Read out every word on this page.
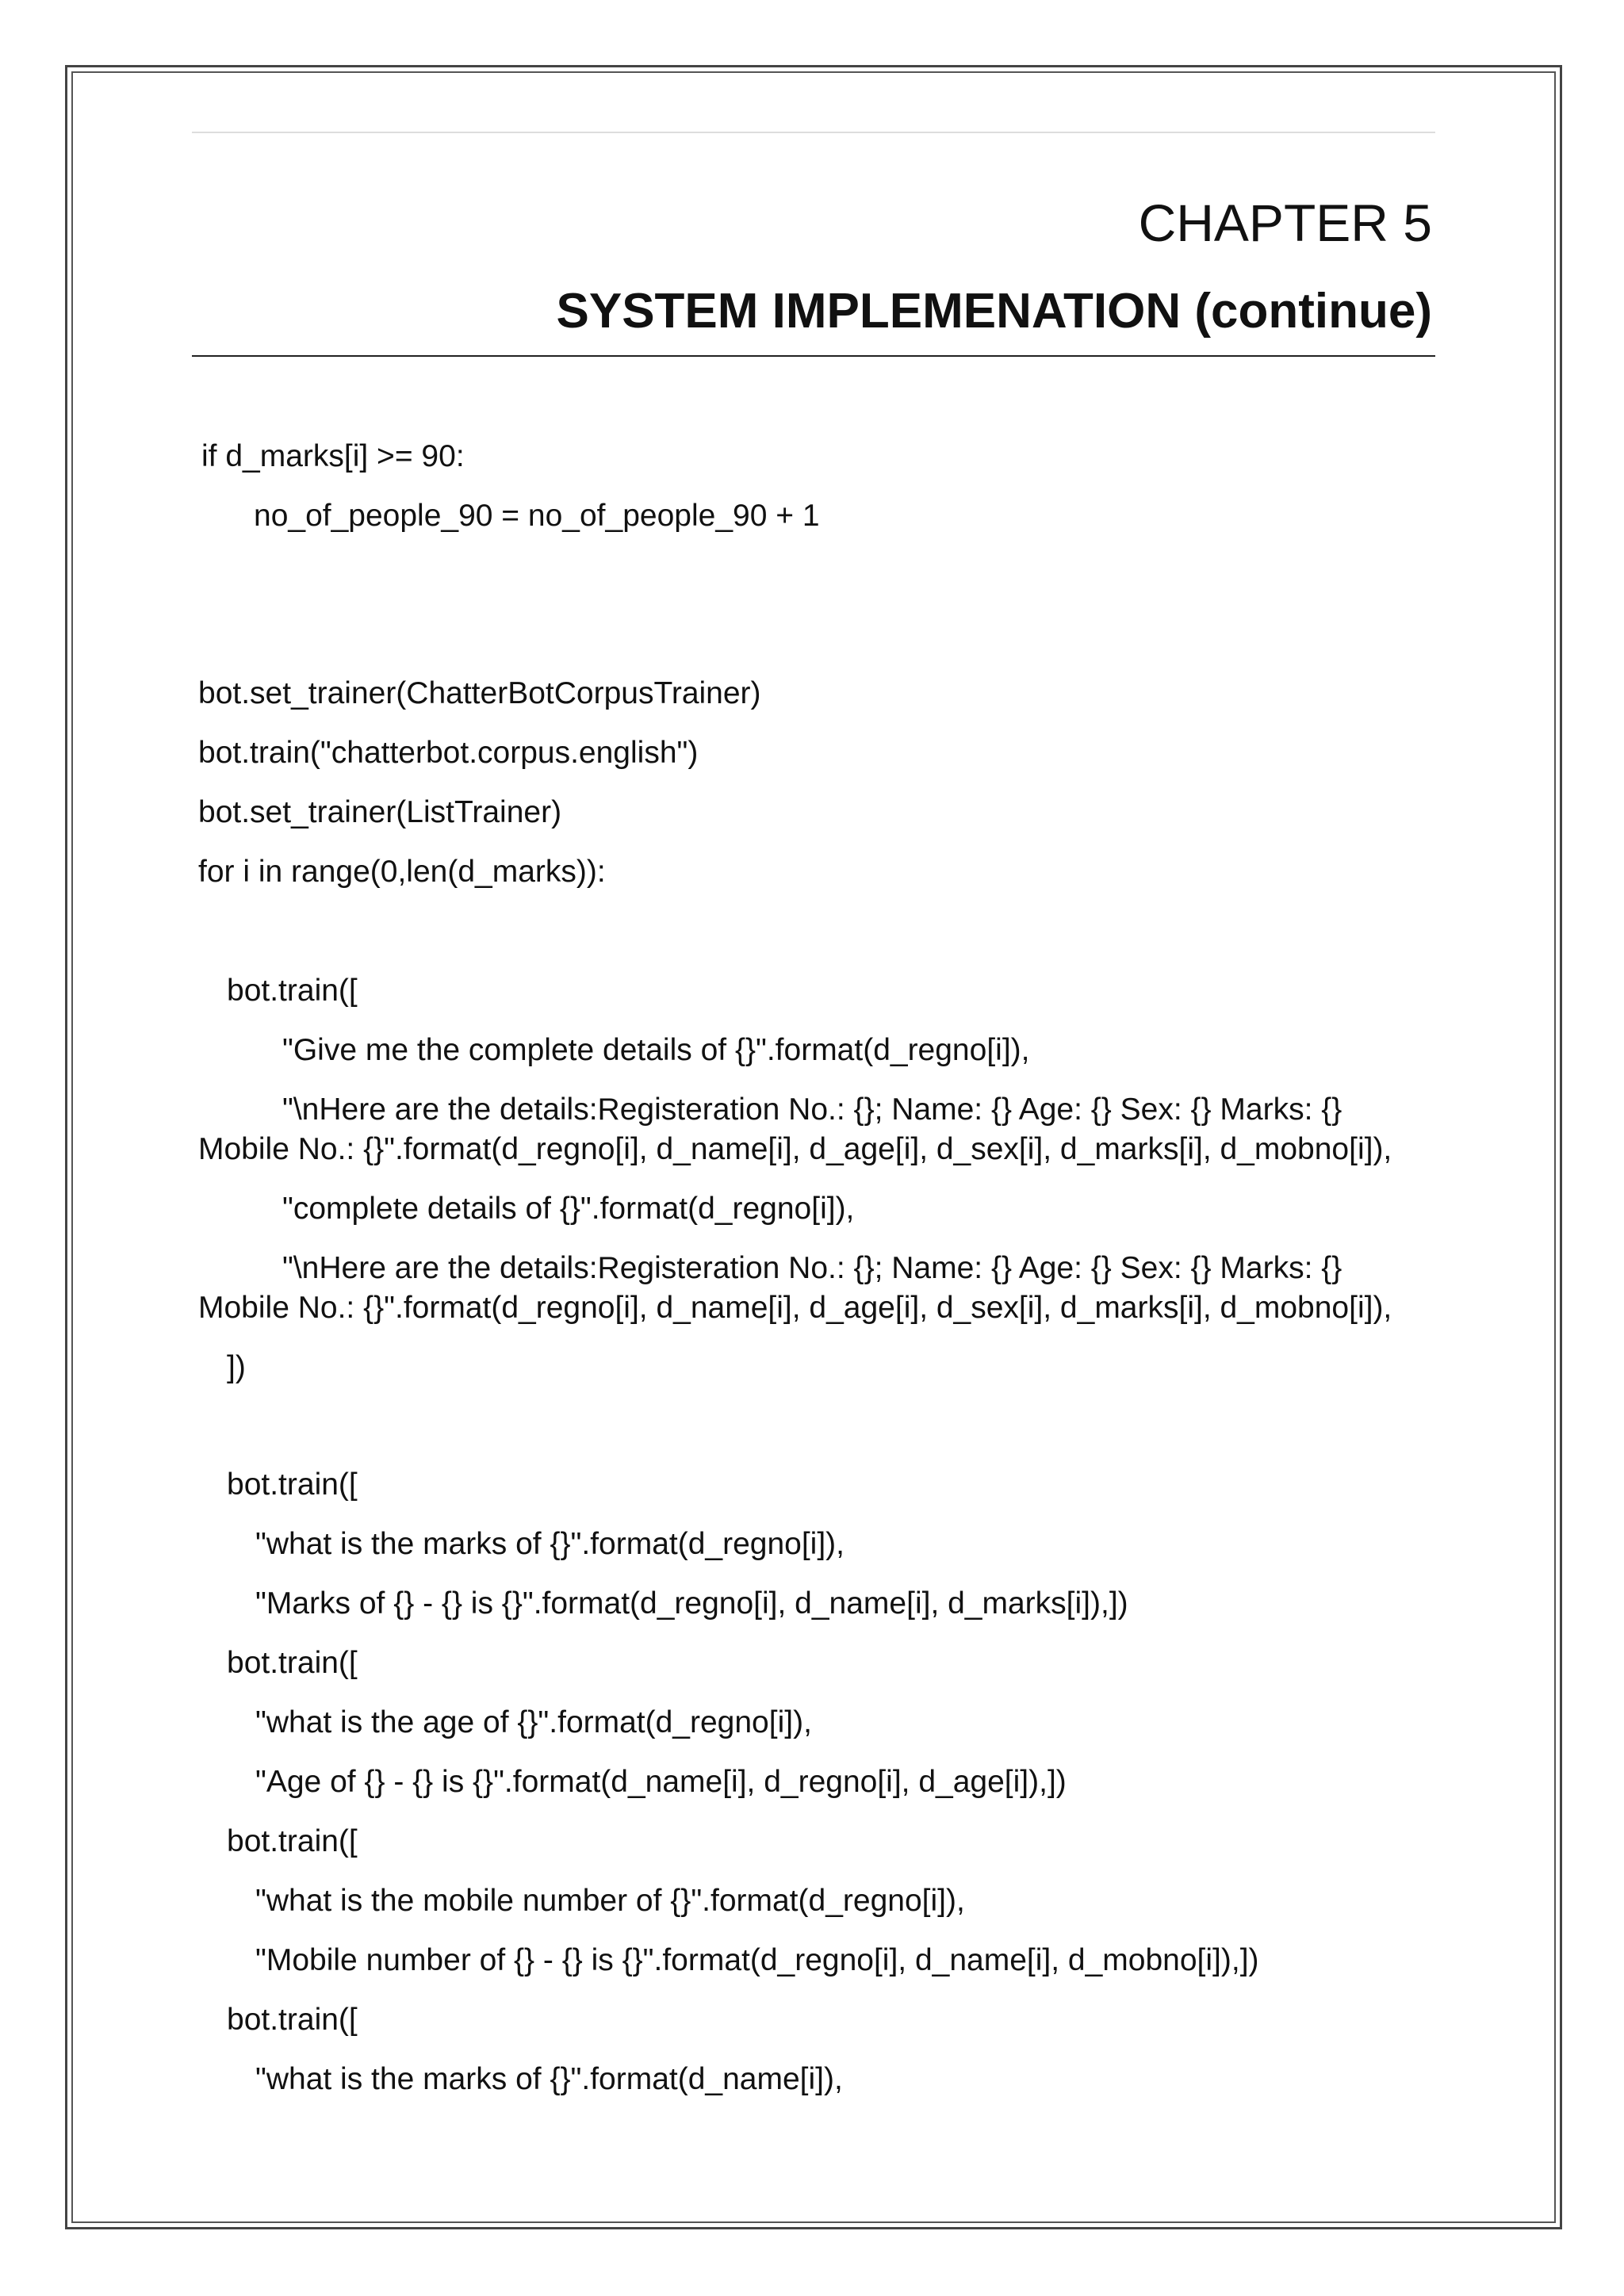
CHAPTER 5
SYSTEM IMPLEMENATION (continue)
if d_marks[i] >= 90:
no_of_people_90 = no_of_people_90 + 1
bot.set_trainer(ChatterBotCorpusTrainer)
bot.train("chatterbot.corpus.english")
bot.set_trainer(ListTrainer)
for i in range(0,len(d_marks)):
bot.train([
"Give me the complete details of {}".format(d_regno[i]),
"\nHere are the details:Registeration No.: {}; Name: {} Age: {} Sex: {} Marks: {}
Mobile No.: {}".format(d_regno[i], d_name[i], d_age[i], d_sex[i], d_marks[i], d_mobno[i]),
"complete details of {}".format(d_regno[i]),
"\nHere are the details:Registeration No.: {}; Name: {} Age: {} Sex: {} Marks: {}
Mobile No.: {}".format(d_regno[i], d_name[i], d_age[i], d_sex[i], d_marks[i], d_mobno[i]),
])
bot.train([
"what is the marks of {}".format(d_regno[i]),
"Marks of {} - {} is {}".format(d_regno[i], d_name[i], d_marks[i]),])
bot.train([
"what is the age of {}".format(d_regno[i]),
"Age of {} - {} is {}".format(d_name[i], d_regno[i], d_age[i]),])
bot.train([
"what is the mobile number of {}".format(d_regno[i]),
"Mobile number of {} - {} is {}".format(d_regno[i], d_name[i], d_mobno[i]),])
bot.train([
"what is the marks of {}".format(d_name[i]),
